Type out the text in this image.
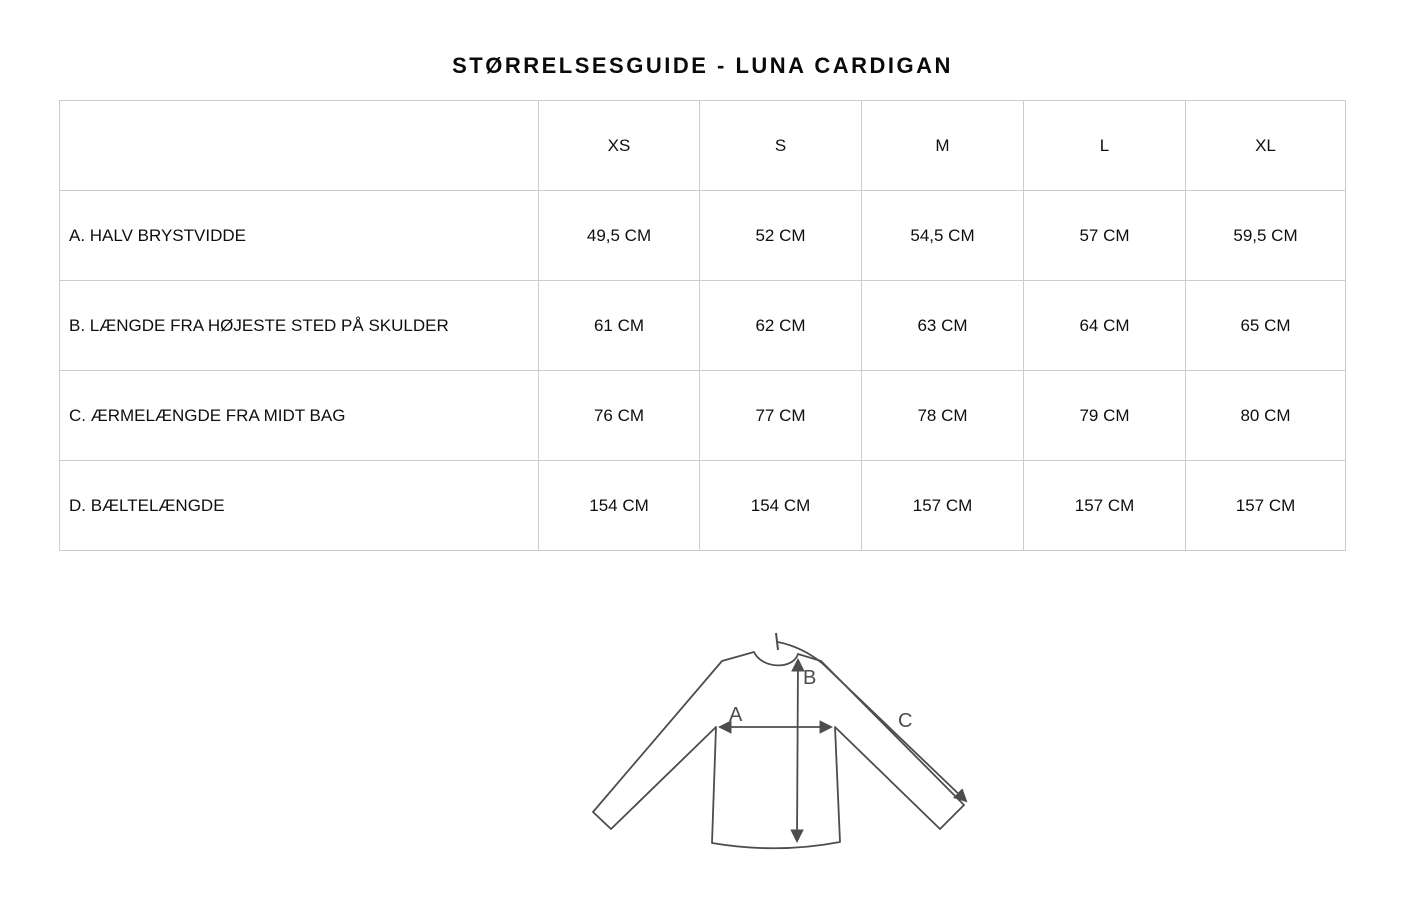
STØRRELSESGUIDE - LUNA CARDIGAN
	XS	S	M	L	XL
A. HALV BRYSTVIDDE	49,5 CM	52 CM	54,5 CM	57 CM	59,5 CM
B. LÆNGDE FRA HØJESTE STED PÅ SKULDER	61 CM	62 CM	63 CM	64 CM	65 CM
C. ÆRMELÆNGDE FRA MIDT BAG	76 CM	77 CM	78 CM	79 CM	80 CM
D. BÆLTELÆNGDE	154 CM	154 CM	157 CM	157 CM	157 CM
A
B
C
